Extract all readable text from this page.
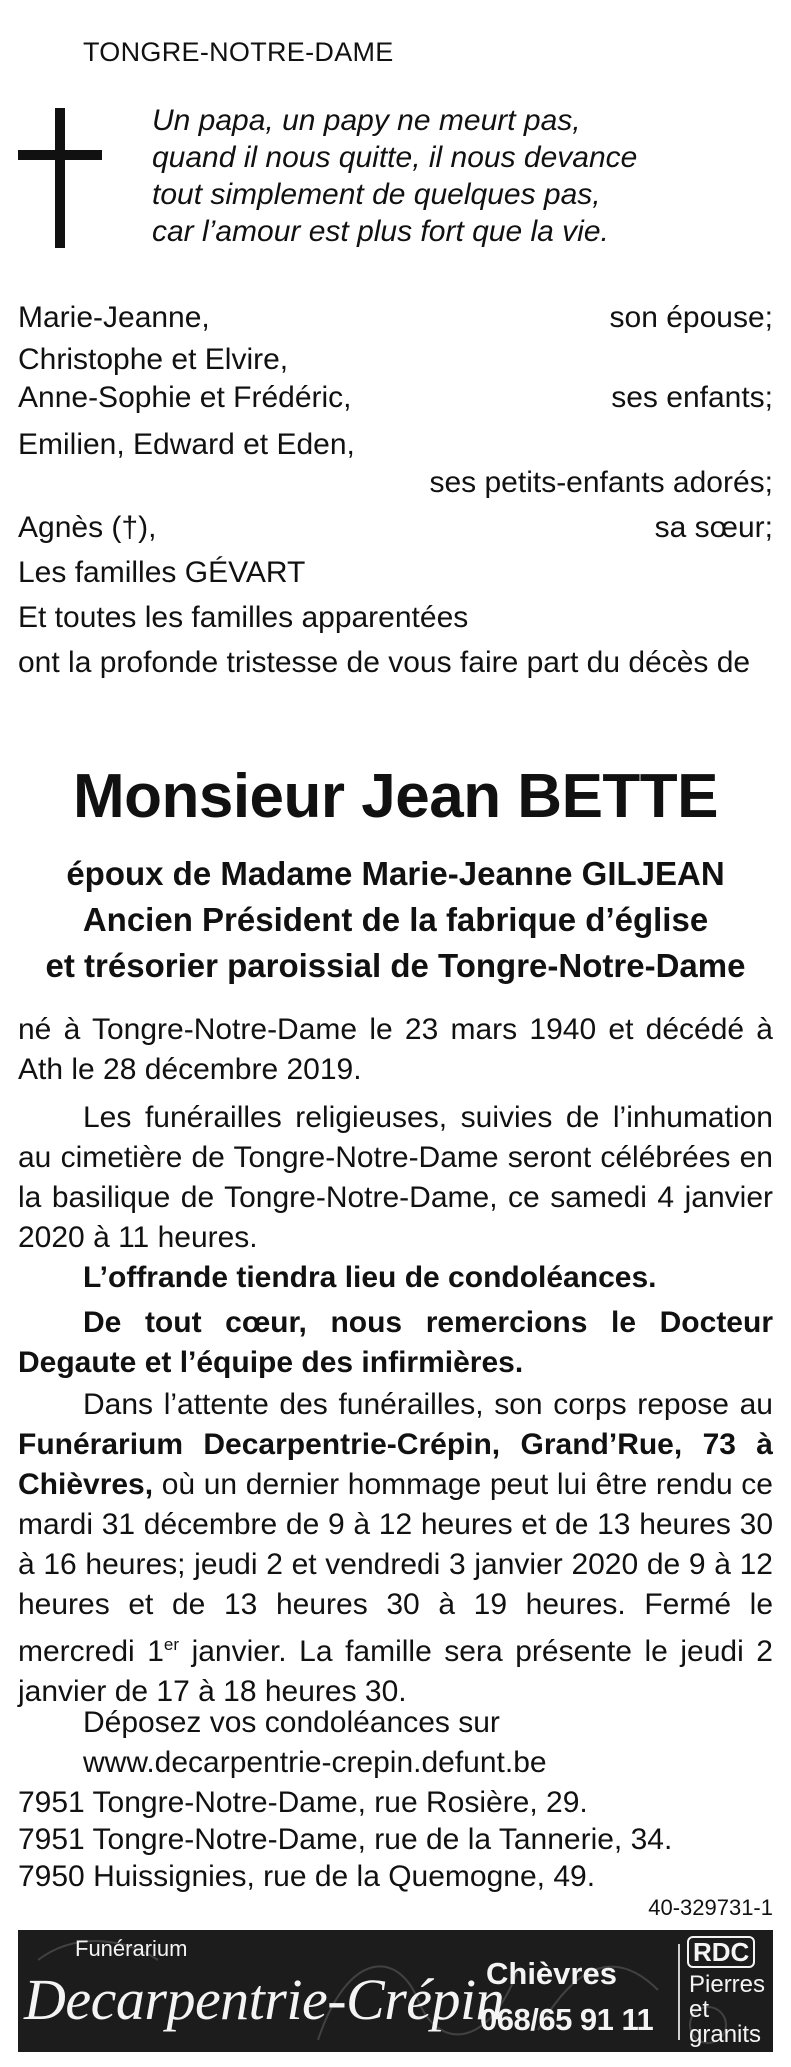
TONGRE-NOTRE-DAME
Un papa, un papy ne meurt pas,
quand il nous quitte, il nous devance
tout simplement de quelques pas,
car l’amour est plus fort que la vie.
Marie-Jeanne,	son épouse;
Christophe et Elvire,
Anne-Sophie et Frédéric,	ses enfants;
Emilien, Edward et Eden,
ses petits-enfants adorés;
Agnès (†),	sa sœur;
Les familles GÉVART
Et toutes les familles apparentées
ont la profonde tristesse de vous faire part du décès de
Monsieur Jean BETTE
époux de Madame Marie-Jeanne GILJEAN
Ancien Président de la fabrique d’église
et trésorier paroissial de Tongre-Notre-Dame
né à Tongre-Notre-Dame le 23 mars 1940 et décédé à Ath le 28 décembre 2019.
Les funérailles religieuses, suivies de l’inhumation au cimetière de Tongre-Notre-Dame seront célébrées en la basilique de Tongre-Notre-Dame, ce samedi 4 janvier 2020 à 11 heures.
L’offrande tiendra lieu de condoléances.
De tout cœur, nous remercions le Docteur Degaute et l’équipe des infirmières.
Dans l’attente des funérailles, son corps repose au Funérarium Decarpentrie-Crépin, Grand’Rue, 73 à Chièvres, où un dernier hommage peut lui être rendu ce mardi 31 décembre de 9 à 12 heures et de 13 heures 30 à 16 heures; jeudi 2 et vendredi 3 janvier 2020 de 9 à 12 heures et de 13 heures 30 à 19 heures. Fermé le mercredi 1er janvier. La famille sera présente le jeudi 2 janvier de 17 à 18 heures 30.
Déposez vos condoléances sur
www.decarpentrie-crepin.defunt.be
7951 Tongre-Notre-Dame, rue Rosière, 29.
7951 Tongre-Notre-Dame, rue de la Tannerie, 34.
7950 Huissignies, rue de la Quemogne, 49.
40-329731-1
Funérarium
Decarpentrie-Crépin
Chièvres
068/65 91 11
RDC
Pierres
et granits
